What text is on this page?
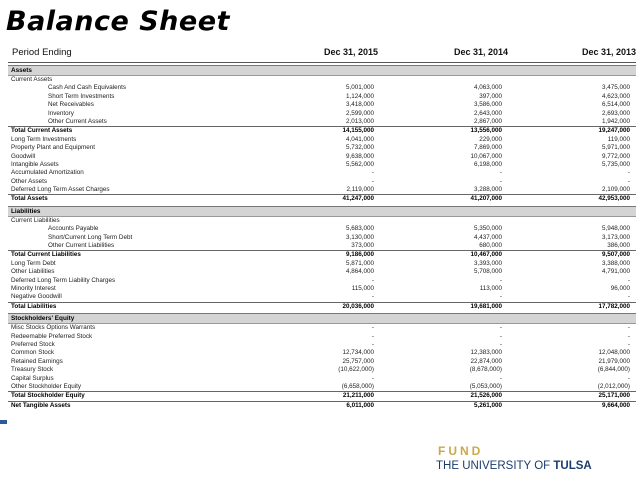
Balance Sheet
Period Ending	Dec 31, 2015	Dec 31, 2014	Dec 31, 2013
Assets
Current Assets
Cash And Cash Equivalents	5,001,000	4,063,000	3,475,000
Short Term Investments	1,124,000	397,000	4,623,000
Net Receivables	3,418,000	3,586,000	6,514,000
Inventory	2,599,000	2,643,000	2,693,000
Other Current Assets	2,013,000	2,867,000	1,942,000
Total Current Assets	14,155,000	13,556,000	19,247,000
Long Term Investments	4,041,000	229,000	119,000
Property Plant and Equipment	5,732,000	7,869,000	5,971,000
Goodwill	9,638,000	10,067,000	9,772,000
Intangible Assets	5,562,000	6,198,000	5,735,000
Accumulated Amortization	-	-	-
Other Assets	-	-	-
Deferred Long Term Asset Charges	2,119,000	3,288,000	2,109,000
Total Assets	41,247,000	41,207,000	42,953,000
Liabilities
Current Liabilities
Accounts Payable	5,683,000	5,350,000	5,948,000
Short/Current Long Term Debt	3,130,000	4,437,000	3,173,000
Other Current Liabilities	373,000	680,000	386,000
Total Current Liabilities	9,186,000	10,467,000	9,507,000
Long Term Debt	5,871,000	3,393,000	3,388,000
Other Liabilities	4,864,000	5,708,000	4,791,000
Deferred Long Term Liability Charges	-	-	-
Minority Interest	115,000	113,000	96,000
Negative Goodwill	-	-	-
Total Liabilities	20,036,000	19,681,000	17,782,000
Stockholders' Equity
Misc Stocks Options Warrants	-	-	-
Redeemable Preferred Stock	-	-	-
Preferred Stock	-	-	-
Common Stock	12,734,000	12,383,000	12,048,000
Retained Earnings	25,757,000	22,874,000	21,979,000
Treasury Stock	(10,622,000)	(8,678,000)	(6,844,000)
Capital Surplus	-	-	-
Other Stockholder Equity	(6,658,000)	(5,053,000)	(2,012,000)
Total Stockholder Equity	21,211,000	21,526,000	25,171,000
Net Tangible Assets	6,011,000	5,261,000	9,664,000
FUND
THE UNIVERSITY OF TULSA
